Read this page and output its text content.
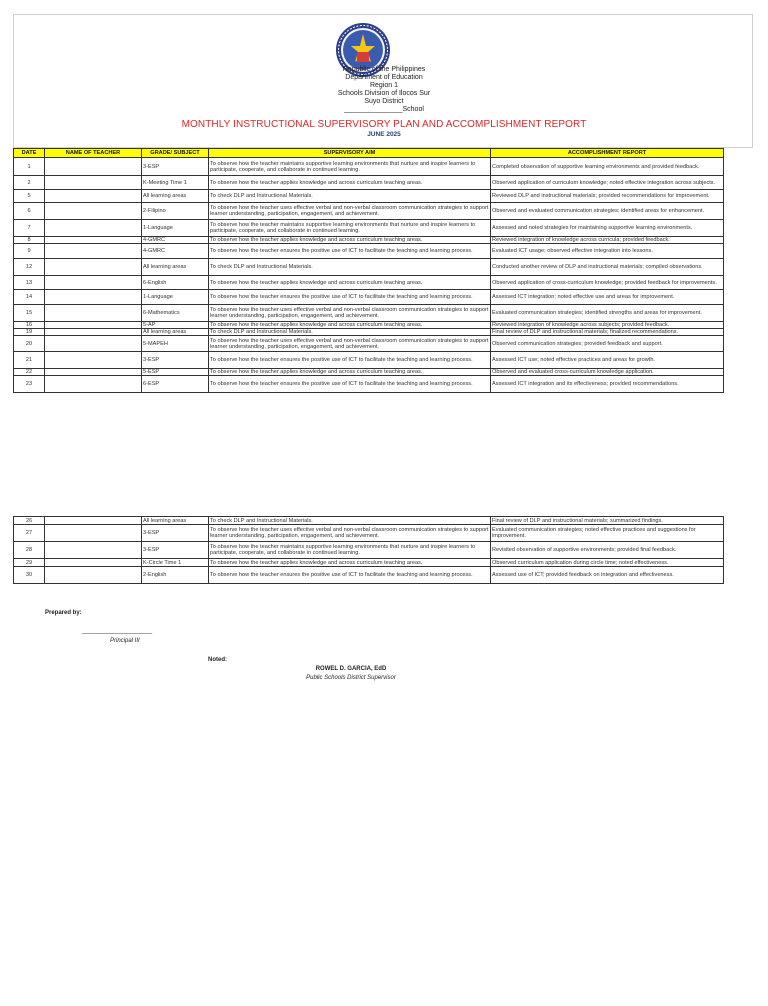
Republic of the Philippines
Department of Education
Region 1
Schools Division of Ilocos Sur
Suyo District
_______________School
MONTHLY INSTRUCTIONAL SUPERVISORY PLAN AND ACCOMPLISHMENT REPORT
JUNE 2025
DATE	NAME OF TEACHER	GRADE/ SUBJECT	SUPERVISORY AIM	ACCOMPLISHMENT REPORT
1		3-ESP	To observe how the teacher maintains supportive learning environments that nurture and inspire learners to participate, cooperate, and collaborate in continued learning.	Completed observation of supportive learning environments and provided feedback.
2		K-Meeting Time 1	To observe how the teacher applies knowledge and across curriculum teaching areas.	Observed application of curriculum knowledge; noted effective integration across subjects.
5		All learning areas	To check DLP and Instructional Materials.	Reviewed DLP and instructional materials; provided recommendations for improvement.
6		2-Filipino	To observe how the teacher uses effective verbal and non-verbal classroom communication strategies to support learner understanding, participation, engagement, and achievement.	Observed and evaluated communication strategies; identified areas for enhancement.
7		1-Language	To observe how the teacher maintains supportive learning environments that nurture and inspire learners to participate, cooperate, and collaborate in continued learning.	Assessed and noted strategies for maintaining supportive learning environments.
8		4-GMRC	To observe how the teacher applies knowledge and across curriculum teaching areas.	Reviewed integration of knowledge across curricula; provided feedback.
9		4-GMRC	To observe how the teacher ensures the positive use of ICT to facilitate the teaching and learning process.	Evaluated ICT usage; observed effective integration into lessons.
12		All learning areas	To check DLP and Instructional Materials.	Conducted another review of DLP and instructional materials; compiled observations.
13		6-English	To observe how the teacher applies knowledge and across curriculum teaching areas.	Observed application of cross-curriculum knowledge; provided feedback for improvements.
14		1-Language	To observe how the teacher ensures the positive use of ICT to facilitate the teaching and learning process.	Assessed ICT integration; noted effective use and areas for improvement.
15		6-Mathematics	To observe how the teacher uses effective verbal and non-verbal classroom communication strategies to support learner understanding, participation, engagement, and achievement.	Evaluated communication strategies; identified strengths and areas for improvement.
16		5-AP	To observe how the teacher applies knowledge and across curriculum teaching areas.	Reviewed integration of knowledge across subjects; provided feedback.
19		All learning areas	To check DLP and Instructional Materials.	Final review of DLP and instructional materials; finalized recommendations.
20		5-MAPEH	To observe how the teacher uses effective verbal and non-verbal classroom communication strategies to support learner understanding, participation, engagement, and achievement.	Observed communication strategies; provided feedback and support.
21		3-ESP	To observe how the teacher ensures the positive use of ICT to facilitate the teaching and learning process.	Assessed ICT use; noted effective practices and areas for growth.
22		5-ESP	To observe how the teacher applies knowledge and across curriculum teaching areas.	Observed and evaluated cross-curriculum knowledge application.
23		6-ESP	To observe how the teacher ensures the positive use of ICT to facilitate the teaching and learning process.	Assessed ICT integration and its effectiveness; provided recommendations.
26		All learning areas	To check DLP and Instructional Materials.	Final review of DLP and instructional materials; summarized findings.
27		3-ESP	To observe how the teacher uses effective verbal and non-verbal classroom communication strategies to support learner understanding, participation, engagement, and achievement.	Evaluated communication strategies; noted effective practices and suggestions for improvement.
28		3-ESP	To observe how the teacher maintains supportive learning environments that nurture and inspire learners to participate, cooperate, and collaborate in continued learning.	Revisited observation of supportive environments; provided final feedback.
29		K-Circle Time 1	To observe how the teacher applies knowledge and across curriculum teaching areas.	Observed curriculum application during circle time; noted effectiveness.
30		2-English	To observe how the teacher ensures the positive use of ICT to facilitate the teaching and learning process.	Assessed use of ICT; provided feedback on integration and effectiveness.
Prepared by:
_____________________
Principal III
Noted:
ROWEL D. GARCIA, EdD
Public Schools District Supervisor
